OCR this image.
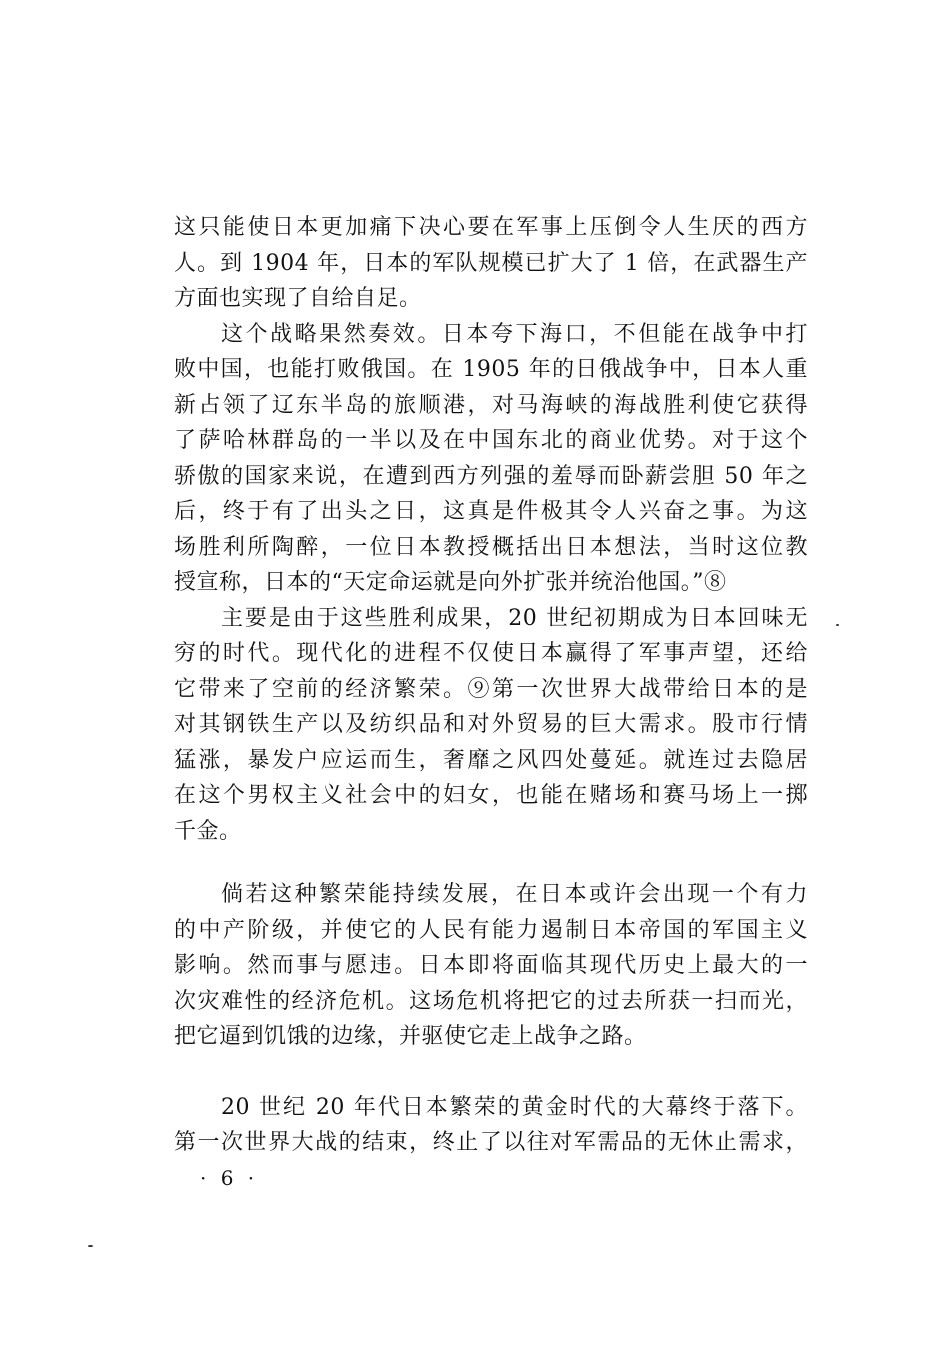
这只能使日本更加痛下决心要在军事上压倒令人生厌的西方
人。到 1904 年，日本的军队规模已扩大了 1 倍，在武器生产
方面也实现了自给自足。
这个战略果然奏效。日本夸下海口，不但能在战争中打
败中国，也能打败俄国。在 1905 年的日俄战争中，日本人重
新占领了辽东半岛的旅顺港，对马海峡的海战胜利使它获得
了萨哈林群岛的一半以及在中国东北的商业优势。对于这个
骄傲的国家来说，在遭到西方列强的羞辱而卧薪尝胆 50 年之
后，终于有了出头之日，这真是件极其令人兴奋之事。为这
场胜利所陶醉，一位日本教授概括出日本想法，当时这位教
授宣称，日本的“天定命运就是向外扩张并统治他国。”⑧
主要是由于这些胜利成果，20 世纪初期成为日本回味无
穷的时代。现代化的进程不仅使日本赢得了军事声望，还给
它带来了空前的经济繁荣。⑨第一次世界大战带给日本的是
对其钢铁生产以及纺织品和对外贸易的巨大需求。股市行情
猛涨，暴发户应运而生，奢靡之风四处蔓延。就连过去隐居
在这个男权主义社会中的妇女，也能在赌场和赛马场上一掷
千金。
倘若这种繁荣能持续发展，在日本或许会出现一个有力
的中产阶级，并使它的人民有能力遏制日本帝国的军国主义
影响。然而事与愿违。日本即将面临其现代历史上最大的一
次灾难性的经济危机。这场危机将把它的过去所获一扫而光，
把它逼到饥饿的边缘，并驱使它走上战争之路。
20 世纪 20 年代日本繁荣的黄金时代的大幕终于落下。
第一次世界大战的结束，终止了以往对军需品的无休止需求，
· 6 ·
